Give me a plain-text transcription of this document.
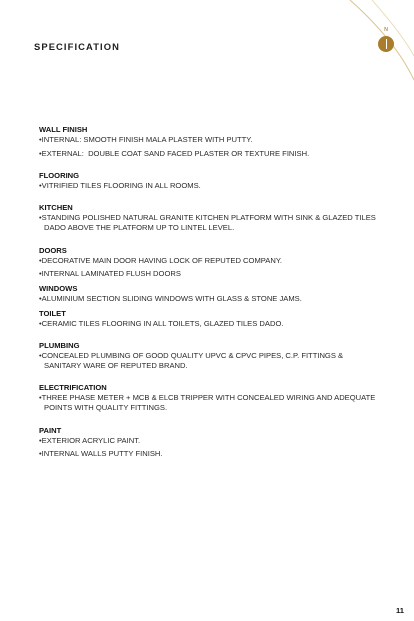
SPECIFICATION
N

WALL FINISH

•INTERNAL: SMOOTH FINISH MALA PLASTER WITH PUTTY.

•EXTERNAL:  DOUBLE COAT SAND FACED PLASTER OR TEXTURE FINISH.

FLOORING

•VITRIFIED TILES FLOORING IN ALL ROOMS.

KITCHEN

•STANDING POLISHED NATURAL GRANITE KITCHEN PLATFORM WITH SINK & GLAZED TILES DADO ABOVE THE PLATFORM UP TO LINTEL LEVEL.

DOORS

•DECORATIVE MAIN DOOR HAVING LOCK OF REPUTED COMPANY.

•INTERNAL LAMINATED FLUSH DOORS

WINDOWS

•ALUMINIUM SECTION SLIDING WINDOWS WITH GLASS & STONE JAMS.

TOILET

•CERAMIC TILES FLOORING IN ALL TOILETS, GLAZED TILES DADO.

PLUMBING

•CONCEALED PLUMBING OF GOOD QUALITY UPVC & CPVC PIPES, C.P. FITTINGS & SANITARY WARE OF REPUTED BRAND.

ELECTRIFICATION

•THREE PHASE METER + MCB & ELCB TRIPPER WITH CONCEALED WIRING AND ADEQUATE POINTS WITH QUALITY FITTINGS.

PAINT

•EXTERIOR ACRYLIC PAINT.

•INTERNAL WALLS PUTTY FINISH.

11
